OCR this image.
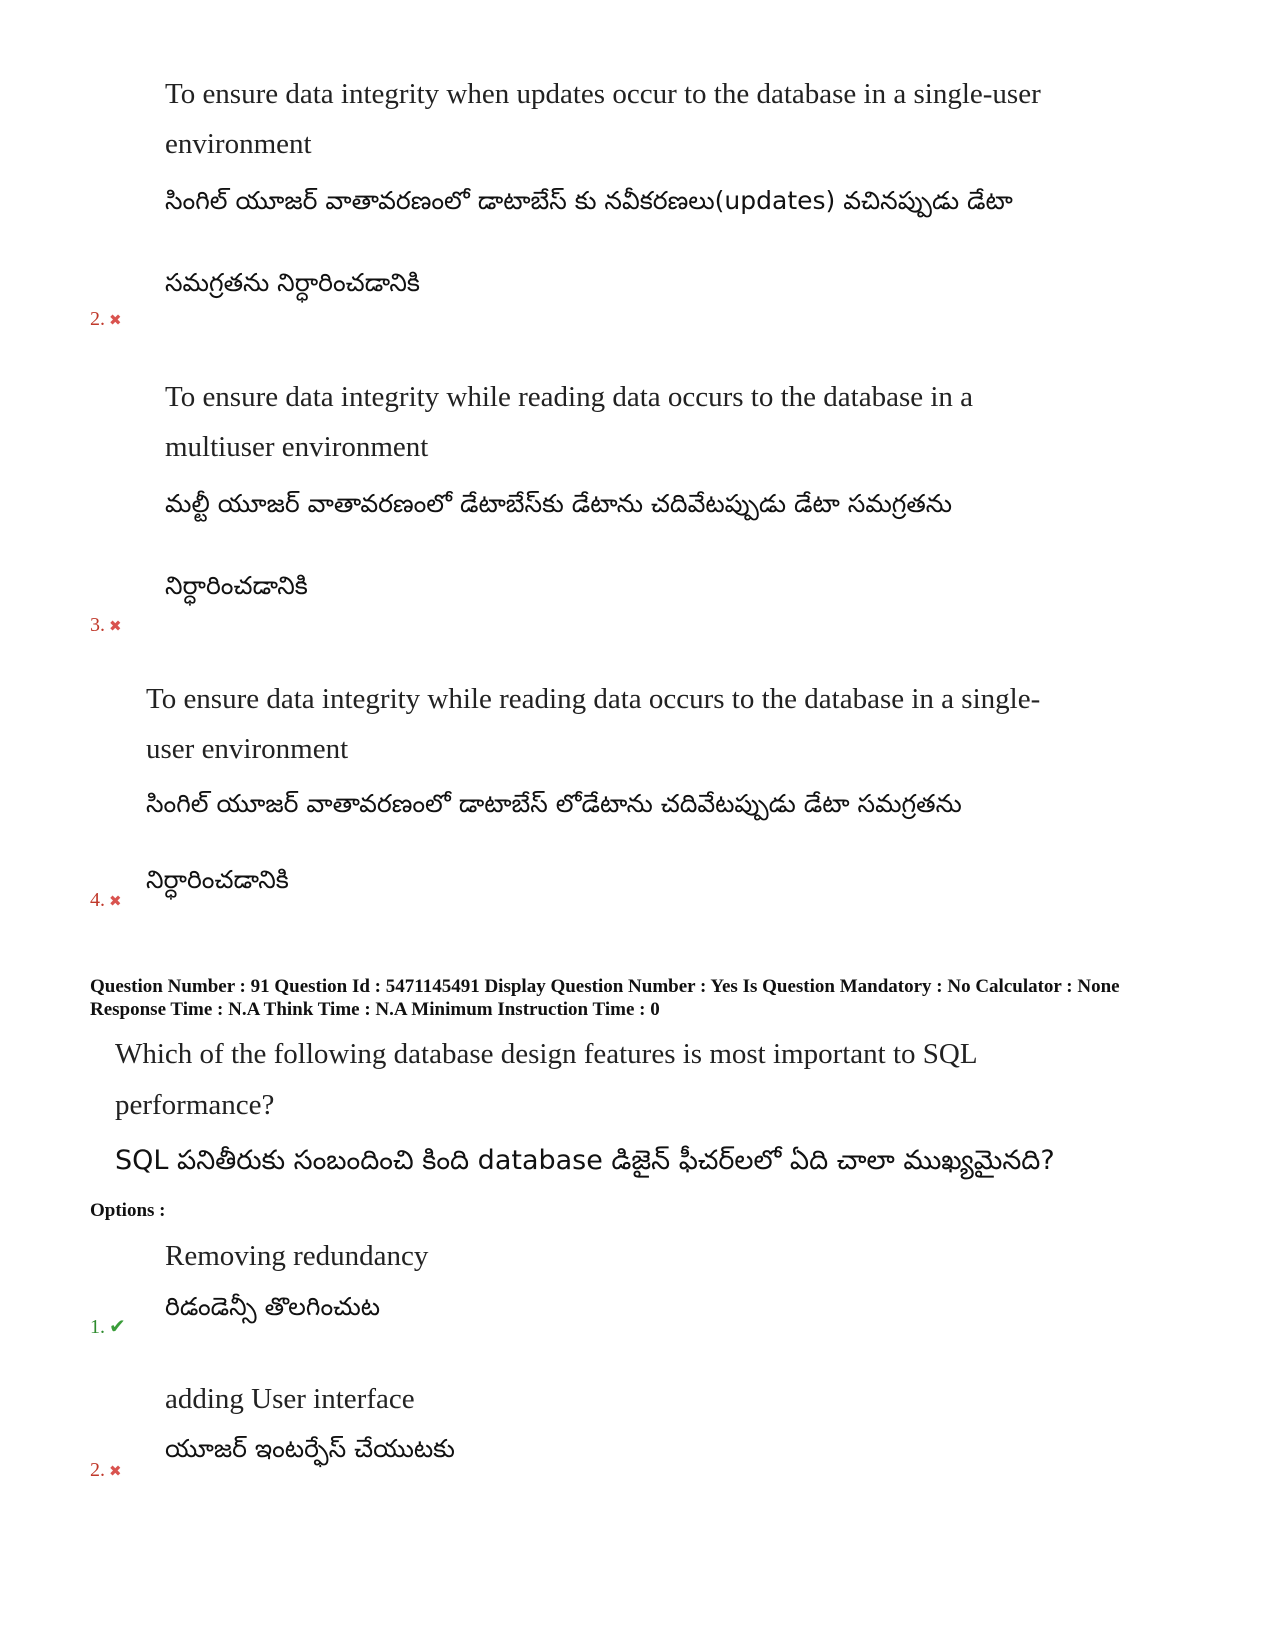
To ensure data integrity when updates occur to the database in a single-user
environment
సింగిల్ యూజర్ వాతావరణంలో డాటాబేస్ కు నవీకరణలు(updates) వచినప్పుడు డేటా
సమగ్రతను నిర్ధారించడానికి
2. ✖
To ensure data integrity while reading data occurs to the database in a
multiuser environment
మల్టీ యూజర్ వాతావరణంలో డేటాబేస్‌కు డేటాను చదివేటప్పుడు డేటా సమగ్రతను
నిర్ధారించడానికి
3. ✖
To ensure data integrity while reading data occurs to the database in a single-
user environment
సింగిల్ యూజర్ వాతావరణంలో డాటాబేస్ లోడేటాను చదివేటప్పుడు డేటా సమగ్రతను
నిర్ధారించడానికి
4. ✖
Question Number : 91 Question Id : 5471145491 Display Question Number : Yes Is Question Mandatory : No Calculator : None Response Time : N.A Think Time : N.A Minimum Instruction Time : 0
Which of the following database design features is most important to SQL
performance?
SQL పనితీరుకు సంబందించి కింది database డిజైన్ ఫీచర్‌లలో ఏది చాలా ముఖ్యమైనది?
Options :
Removing redundancy
రిడండెన్సీ తొలగించుట
1. ✔
adding User interface
యూజర్ ఇంటర్ఫేస్ చేయుటకు
2. ✖
